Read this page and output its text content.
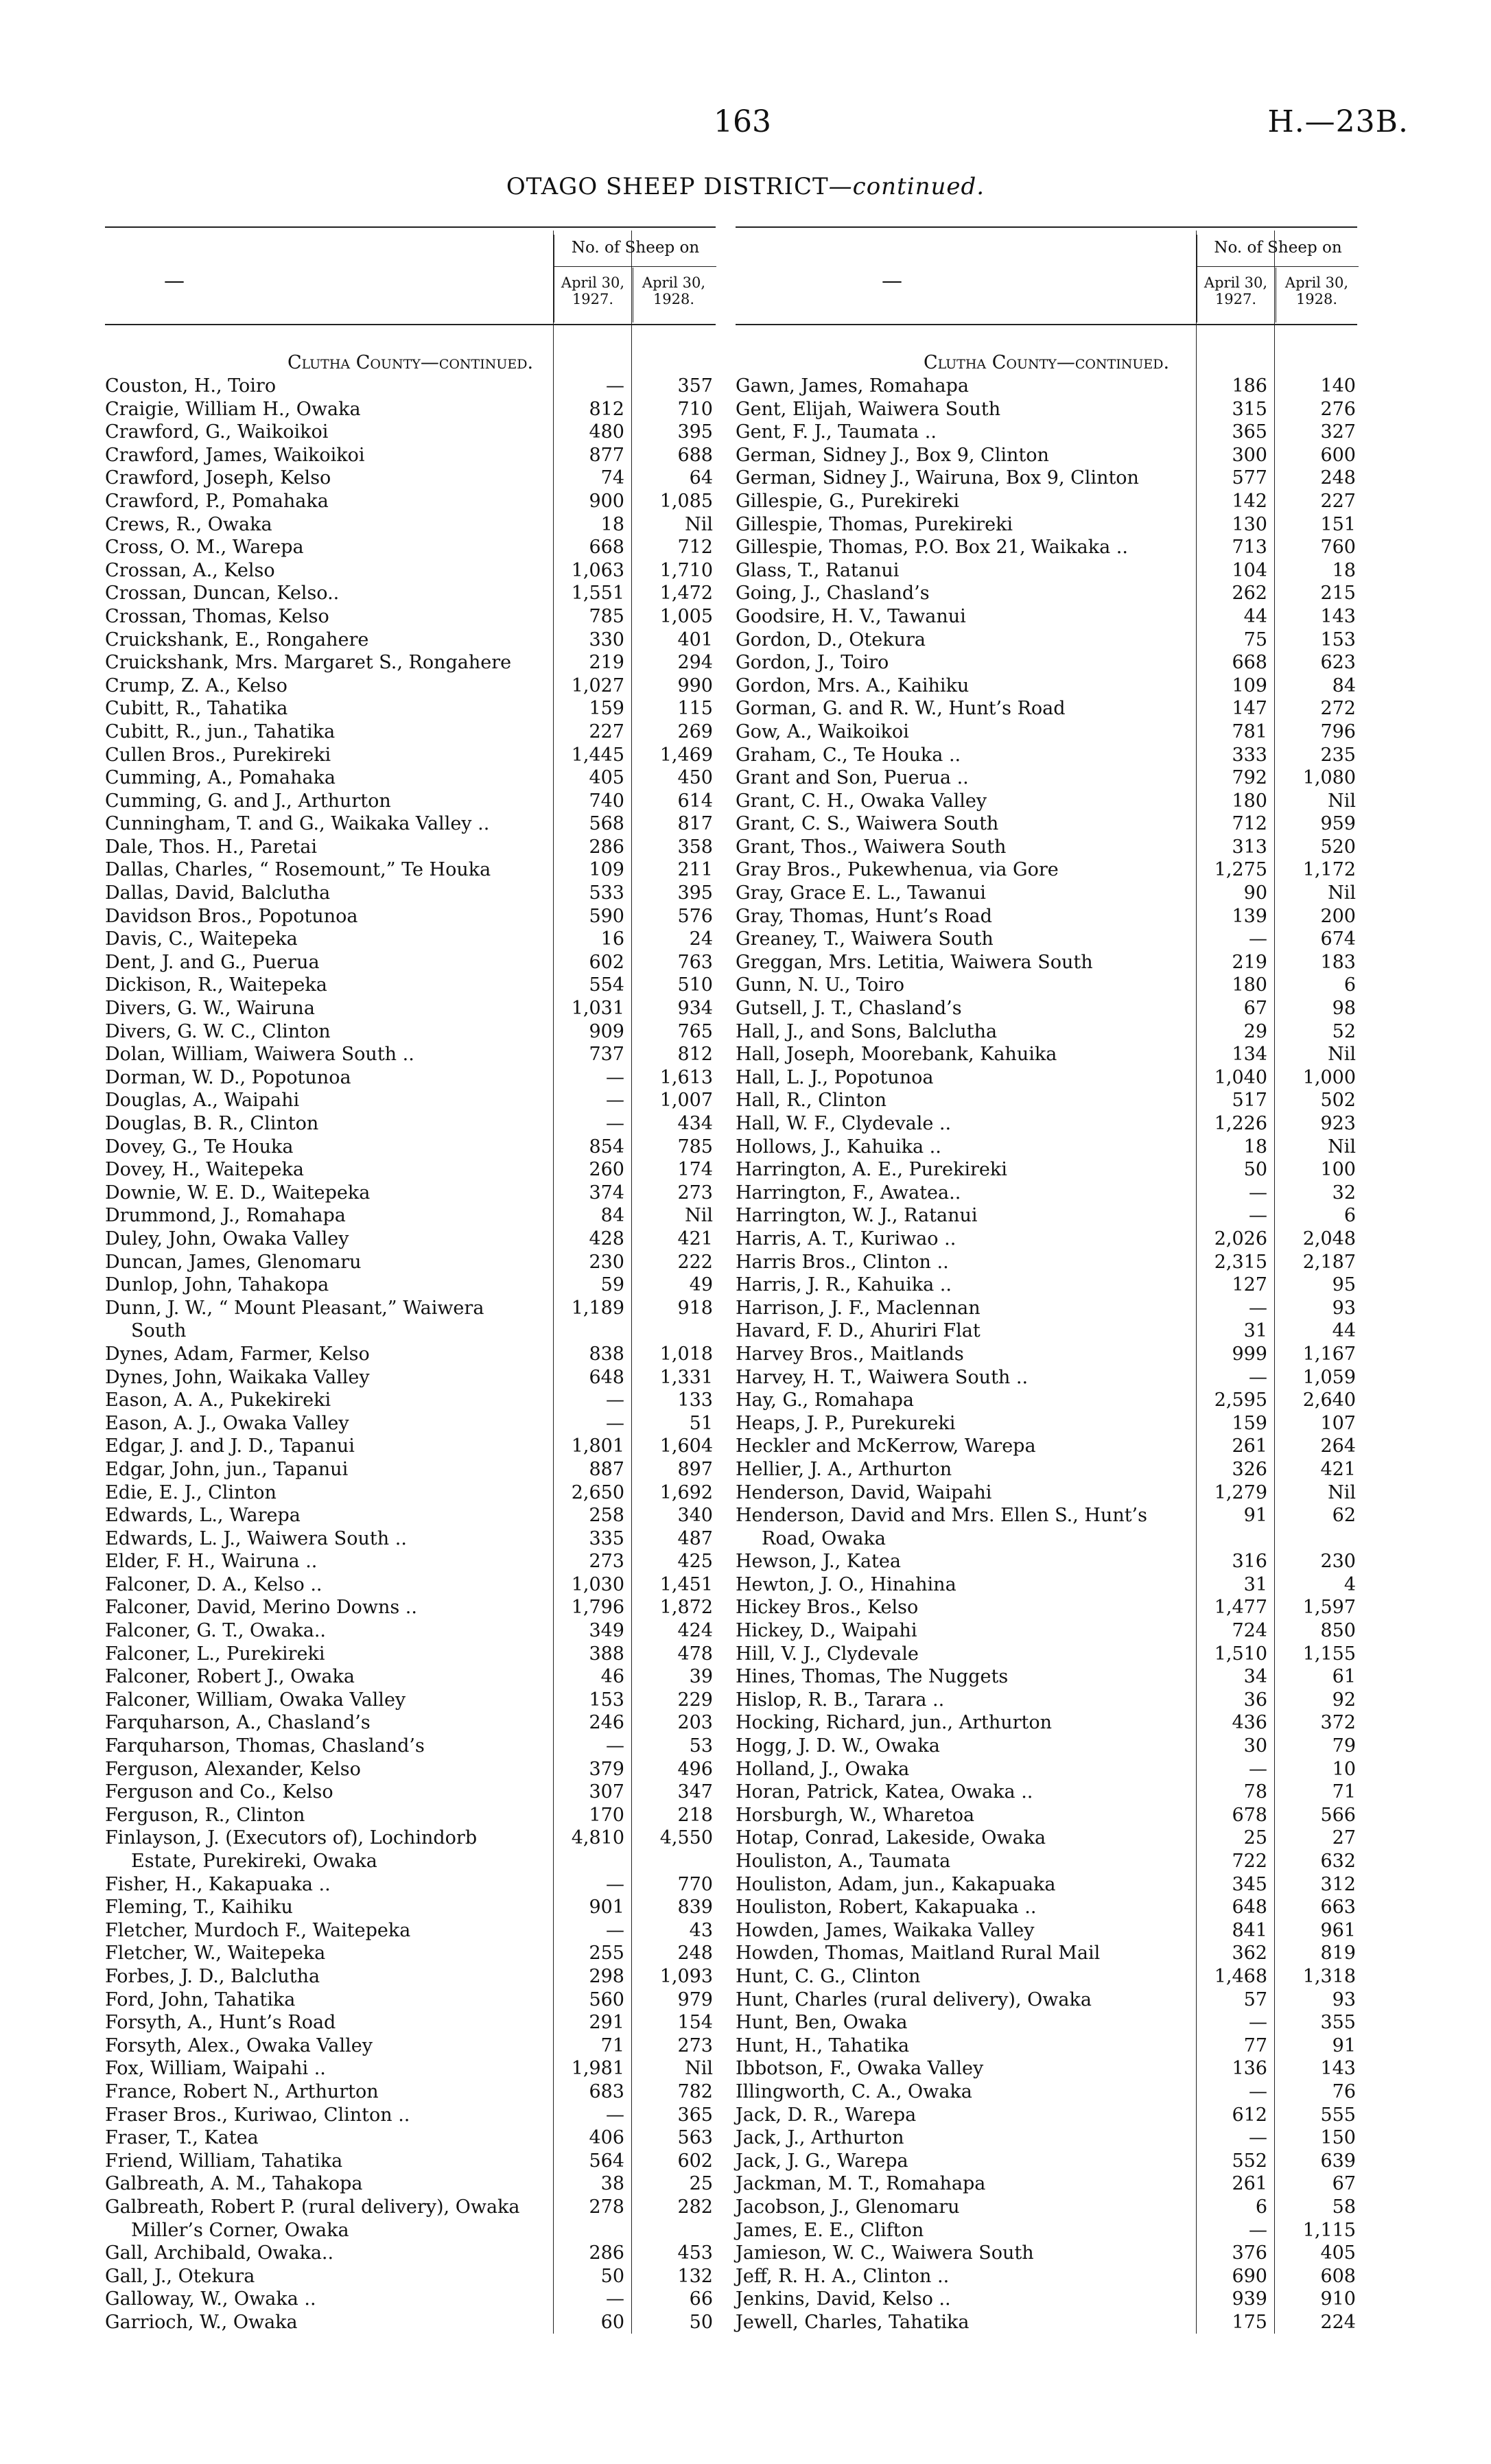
163	H.—23B.
OTAGO SHEEP DISTRICT—continued.
—
No. of Sheep on
April 30, 1927.
April 30, 1928.
Clutha County—continued.
Couston, H., Toiro	—	357
Craigie, William H., Owaka	812	710
Crawford, G., Waikoikoi	480	395
Crawford, James, Waikoikoi	877	688
Crawford, Joseph, Kelso	74	64
Crawford, P., Pomahaka	900	1,085
Crews, R., Owaka	18	Nil
Cross, O. M., Warepa	668	712
Crossan, A., Kelso	1,063	1,710
Crossan, Duncan, Kelso..	1,551	1,472
Crossan, Thomas, Kelso	785	1,005
Cruickshank, E., Rongahere	330	401
Cruickshank, Mrs. Margaret S., Rongahere	219	294
Crump, Z. A., Kelso	1,027	990
Cubitt, R., Tahatika	159	115
Cubitt, R., jun., Tahatika	227	269
Cullen Bros., Purekireki	1,445	1,469
Cumming, A., Pomahaka	405	450
Cumming, G. and J., Arthurton	740	614
Cunningham, T. and G., Waikaka Valley ..	568	817
Dale, Thos. H., Paretai	286	358
Dallas, Charles, “ Rosemount,” Te Houka	109	211
Dallas, David, Balclutha	533	395
Davidson Bros., Popotunoa	590	576
Davis, C., Waitepeka	16	24
Dent, J. and G., Puerua	602	763
Dickison, R., Waitepeka	554	510
Divers, G. W., Wairuna	1,031	934
Divers, G. W. C., Clinton	909	765
Dolan, William, Waiwera South ..	737	812
Dorman, W. D., Popotunoa	—	1,613
Douglas, A., Waipahi	—	1,007
Douglas, B. R., Clinton	—	434
Dovey, G., Te Houka	854	785
Dovey, H., Waitepeka	260	174
Downie, W. E. D., Waitepeka	374	273
Drummond, J., Romahapa	84	Nil
Duley, John, Owaka Valley	428	421
Duncan, James, Glenomaru	230	222
Dunlop, John, Tahakopa	59	49
Dunn, J. W., “ Mount Pleasant,” Waiwera
South
1,189	918
Dynes, Adam, Farmer, Kelso	838	1,018
Dynes, John, Waikaka Valley	648	1,331
Eason, A. A., Pukekireki	—	133
Eason, A. J., Owaka Valley	—	51
Edgar, J. and J. D., Tapanui	1,801	1,604
Edgar, John, jun., Tapanui	887	897
Edie, E. J., Clinton	2,650	1,692
Edwards, L., Warepa	258	340
Edwards, L. J., Waiwera South ..	335	487
Elder, F. H., Wairuna ..	273	425
Falconer, D. A., Kelso ..	1,030	1,451
Falconer, David, Merino Downs ..	1,796	1,872
Falconer, G. T., Owaka..	349	424
Falconer, L., Purekireki	388	478
Falconer, Robert J., Owaka	46	39
Falconer, William, Owaka Valley	153	229
Farquharson, A., Chasland’s	246	203
Farquharson, Thomas, Chasland’s	—	53
Ferguson, Alexander, Kelso	379	496
Ferguson and Co., Kelso	307	347
Ferguson, R., Clinton	170	218
Finlayson, J. (Executors of), Lochindorb
Estate, Purekireki, Owaka
4,810	4,550
Fisher, H., Kakapuaka ..	—	770
Fleming, T., Kaihiku	901	839
Fletcher, Murdoch F., Waitepeka	—	43
Fletcher, W., Waitepeka	255	248
Forbes, J. D., Balclutha	298	1,093
Ford, John, Tahatika	560	979
Forsyth, A., Hunt’s Road	291	154
Forsyth, Alex., Owaka Valley	71	273
Fox, William, Waipahi ..	1,981	Nil
France, Robert N., Arthurton	683	782
Fraser Bros., Kuriwao, Clinton ..	—	365
Fraser, T., Katea	406	563
Friend, William, Tahatika	564	602
Galbreath, A. M., Tahakopa	38	25
Galbreath, Robert P. (rural delivery), Owaka
Miller’s Corner, Owaka
278	282
Gall, Archibald, Owaka..	286	453
Gall, J., Otekura	50	132
Galloway, W., Owaka ..	—	66
Garrioch, W., Owaka	60	50
—
No. of Sheep on
April 30, 1927.
April 30, 1928.
Clutha County—continued.
Gawn, James, Romahapa	186	140
Gent, Elijah, Waiwera South	315	276
Gent, F. J., Taumata ..	365	327
German, Sidney J., Box 9, Clinton	300	600
German, Sidney J., Wairuna, Box 9, Clinton	577	248
Gillespie, G., Purekireki	142	227
Gillespie, Thomas, Purekireki	130	151
Gillespie, Thomas, P.O. Box 21, Waikaka ..	713	760
Glass, T., Ratanui	104	18
Going, J., Chasland’s	262	215
Goodsire, H. V., Tawanui	44	143
Gordon, D., Otekura	75	153
Gordon, J., Toiro	668	623
Gordon, Mrs. A., Kaihiku	109	84
Gorman, G. and R. W., Hunt’s Road	147	272
Gow, A., Waikoikoi	781	796
Graham, C., Te Houka ..	333	235
Grant and Son, Puerua ..	792	1,080
Grant, C. H., Owaka Valley	180	Nil
Grant, C. S., Waiwera South	712	959
Grant, Thos., Waiwera South	313	520
Gray Bros., Pukewhenua, via Gore	1,275	1,172
Gray, Grace E. L., Tawanui	90	Nil
Gray, Thomas, Hunt’s Road	139	200
Greaney, T., Waiwera South	—	674
Greggan, Mrs. Letitia, Waiwera South	219	183
Gunn, N. U., Toiro	180	6
Gutsell, J. T., Chasland’s	67	98
Hall, J., and Sons, Balclutha	29	52
Hall, Joseph, Moorebank, Kahuika	134	Nil
Hall, L. J., Popotunoa	1,040	1,000
Hall, R., Clinton	517	502
Hall, W. F., Clydevale ..	1,226	923
Hollows, J., Kahuika ..	18	Nil
Harrington, A. E., Purekireki	50	100
Harrington, F., Awatea..	—	32
Harrington, W. J., Ratanui	—	6
Harris, A. T., Kuriwao ..	2,026	2,048
Harris Bros., Clinton ..	2,315	2,187
Harris, J. R., Kahuika ..	127	95
Harrison, J. F., Maclennan	—	93
Havard, F. D., Ahuriri Flat	31	44
Harvey Bros., Maitlands	999	1,167
Harvey, H. T., Waiwera South ..	—	1,059
Hay, G., Romahapa	2,595	2,640
Heaps, J. P., Purekureki	159	107
Heckler and McKerrow, Warepa	261	264
Hellier, J. A., Arthurton	326	421
Henderson, David, Waipahi	1,279	Nil
Henderson, David and Mrs. Ellen S., Hunt’s
Road, Owaka
91	62
Hewson, J., Katea	316	230
Hewton, J. O., Hinahina	31	4
Hickey Bros., Kelso	1,477	1,597
Hickey, D., Waipahi	724	850
Hill, V. J., Clydevale	1,510	1,155
Hines, Thomas, The Nuggets	34	61
Hislop, R. B., Tarara ..	36	92
Hocking, Richard, jun., Arthurton	436	372
Hogg, J. D. W., Owaka	30	79
Holland, J., Owaka	—	10
Horan, Patrick, Katea, Owaka ..	78	71
Horsburgh, W., Wharetoa	678	566
Hotap, Conrad, Lakeside, Owaka	25	27
Houliston, A., Taumata	722	632
Houliston, Adam, jun., Kakapuaka	345	312
Houliston, Robert, Kakapuaka ..	648	663
Howden, James, Waikaka Valley	841	961
Howden, Thomas, Maitland Rural Mail	362	819
Hunt, C. G., Clinton	1,468	1,318
Hunt, Charles (rural delivery), Owaka	57	93
Hunt, Ben, Owaka	—	355
Hunt, H., Tahatika	77	91
Ibbotson, F., Owaka Valley	136	143
Illingworth, C. A., Owaka	—	76
Jack, D. R., Warepa	612	555
Jack, J., Arthurton	—	150
Jack, J. G., Warepa	552	639
Jackman, M. T., Romahapa	261	67
Jacobson, J., Glenomaru	6	58
James, E. E., Clifton	—	1,115
Jamieson, W. C., Waiwera South	376	405
Jeff, R. H. A., Clinton ..	690	608
Jenkins, David, Kelso ..	939	910
Jewell, Charles, Tahatika	175	224
